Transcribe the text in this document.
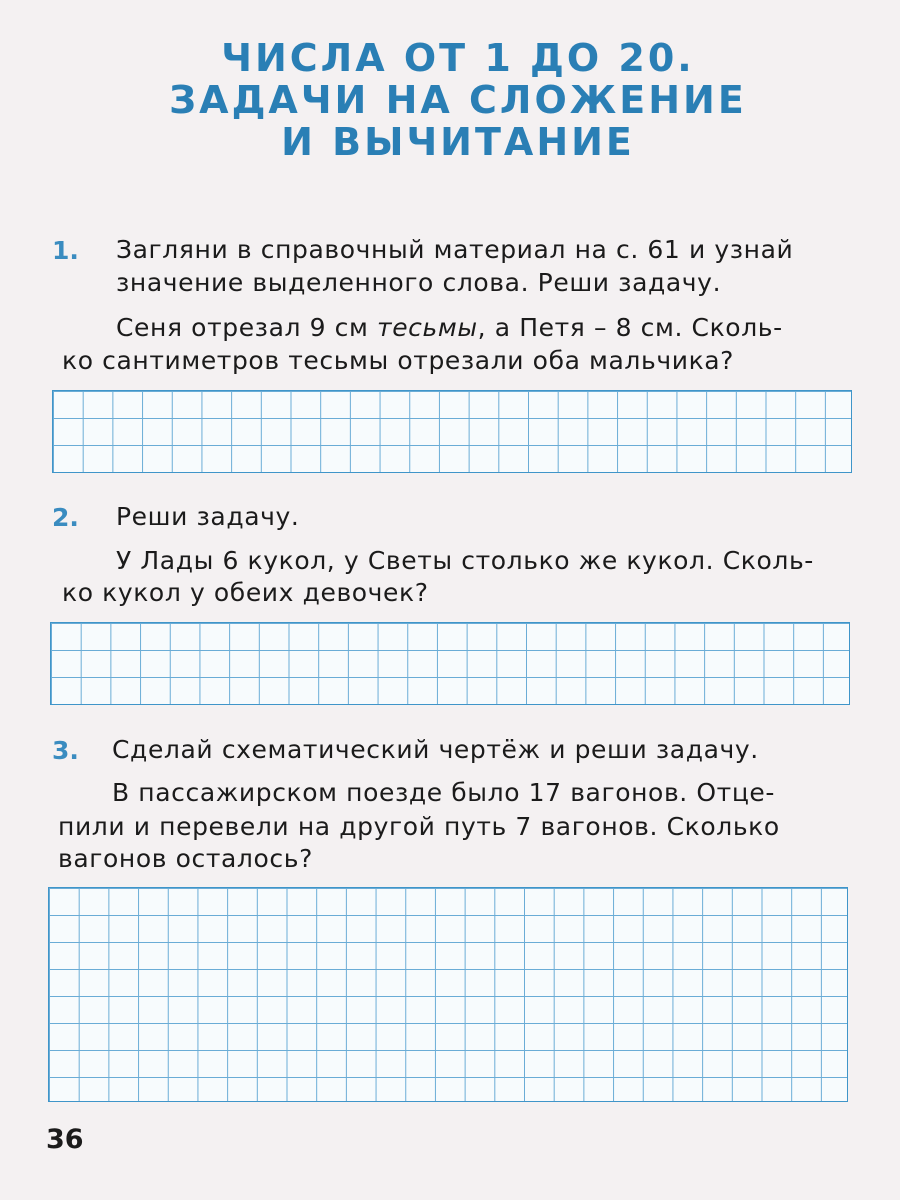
ЧИСЛА ОТ 1 ДО 20.
ЗАДАЧИ НА СЛОЖЕНИЕ
И ВЫЧИТАНИЕ
1. Загляни в справочный материал на с. 61 и узнай
значение выделенного слова. Реши задачу.
Сеня отрезал 9 см тесьмы, а Петя – 8 см. Сколь-
ко сантиметров тесьмы отрезали оба мальчика?
2. Реши задачу.
У Лады 6 кукол, у Светы столько же кукол. Сколь-
ко кукол у обеих девочек?
3. Сделай схематический чертёж и реши задачу.
В пассажирском поезде было 17 вагонов. Отце-
пили и перевели на другой путь 7 вагонов. Сколько
вагонов осталось?
36
